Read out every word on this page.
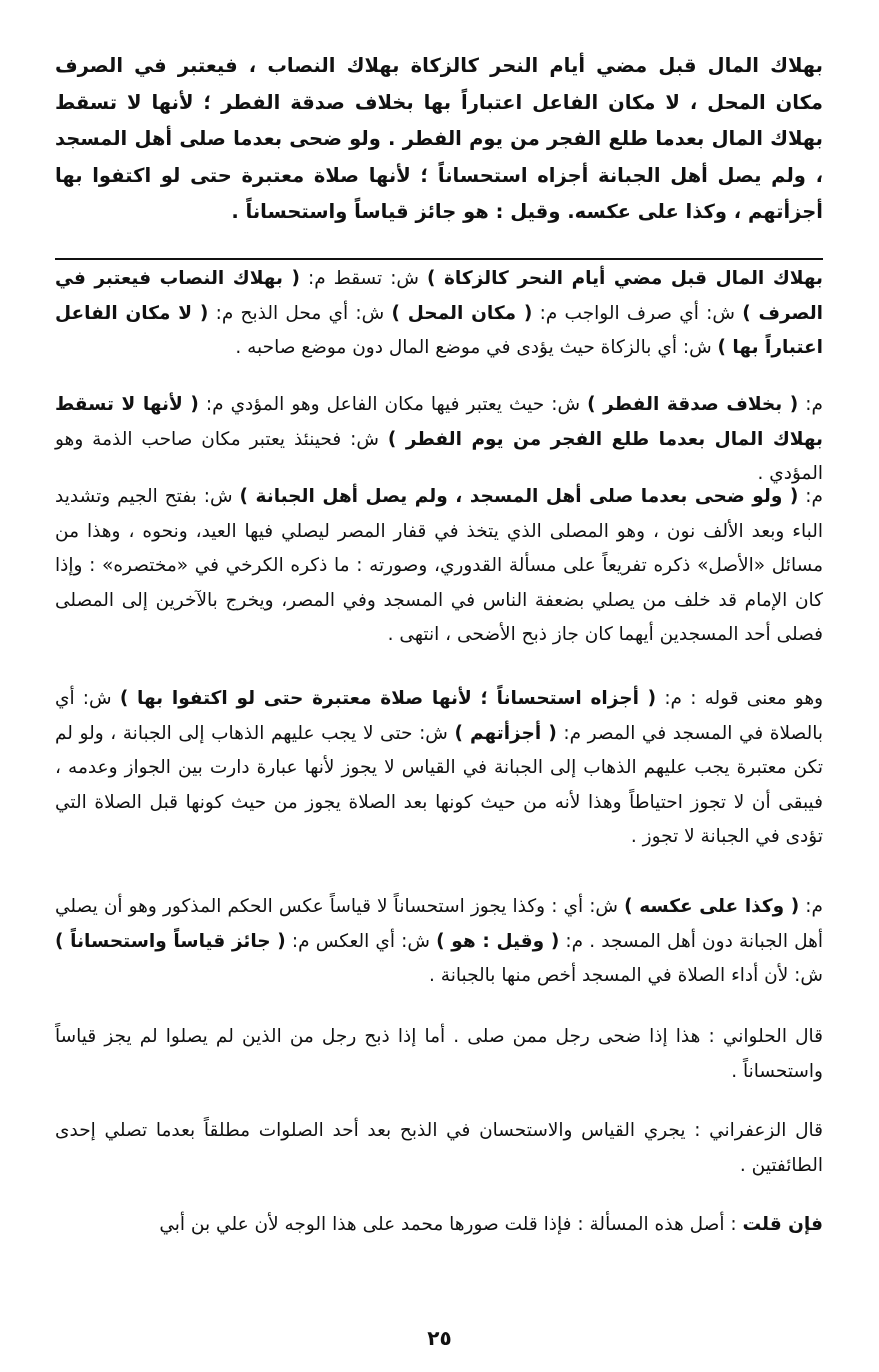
بهلاك المال قبل مضي أيام النحر كالزكاة بهلاك النصاب ، فيعتبر في الصرف مكان المحل ، لا مكان الفاعل اعتباراً بها بخلاف صدقة الفطر ؛ لأنها لا تسقط بهلاك المال بعدما طلع الفجر من يوم الفطر . ولو ضحى بعدما صلى أهل المسجد ، ولم يصل أهل الجبانة أجزاه استحساناً ؛ لأنها صلاة معتبرة حتى لو اكتفوا بها أجزأتهم ، وكذا على عكسه. وقيل : هو جائز قياساً واستحساناً .

بهلاك المال قبل مضي أيام النحر كالزكاة ) ش: تسقط م: ( بهلاك النصاب فيعتبر في الصرف ) ش: أي صرف الواجب م: ( مكان المحل ) ش: أي محل الذبح م: ( لا مكان الفاعل اعتباراً بها ) ش: أي بالزكاة حيث يؤدى في موضع المال دون موضع صاحبه .

م: ( بخلاف صدقة الفطر ) ش: حيث يعتبر فيها مكان الفاعل وهو المؤدي م: ( لأنها لا تسقط بهلاك المال بعدما طلع الفجر من يوم الفطر ) ش: فحينئذ يعتبر مكان صاحب الذمة وهو المؤدي .

م: ( ولو ضحى بعدما صلى أهل المسجد ، ولم يصل أهل الجبانة ) ش: بفتح الجيم وتشديد الباء وبعد الألف نون ، وهو المصلى الذي يتخذ في قفار المصر ليصلي فيها العيد، ونحوه ، وهذا من مسائل «الأصل» ذكره تفريعاً على مسألة القدوري، وصورته : ما ذكره الكرخي في «مختصره» : وإذا كان الإمام قد خلف من يصلي بضعفة الناس في المسجد وفي المصر، ويخرج بالآخرين إلى المصلى فصلى أحد المسجدين أيهما كان جاز ذبح الأضحى ، انتهى .

وهو معنى قوله : م: ( أجزاه استحساناً ؛ لأنها صلاة معتبرة حتى لو اكتفوا بها ) ش: أي بالصلاة في المسجد في المصر م: ( أجزأتهم ) ش: حتى لا يجب عليهم الذهاب إلى الجبانة ، ولو لم تكن معتبرة يجب عليهم الذهاب إلى الجبانة في القياس لا يجوز لأنها عبارة دارت بين الجواز وعدمه ، فيبقى أن لا تجوز احتياطاً وهذا لأنه من حيث كونها بعد الصلاة يجوز من حيث كونها قبل الصلاة التي تؤدى في الجبانة لا تجوز .

م: ( وكذا على عكسه ) ش: أي : وكذا يجوز استحساناً لا قياساً عكس الحكم المذكور وهو أن يصلي أهل الجبانة دون أهل المسجد . م: ( وقيل : هو ) ش: أي العكس م: ( جائز قياساً واستحساناً ) ش: لأن أداء الصلاة في المسجد أخص منها بالجبانة .

قال الحلواني : هذا إذا ضحى رجل ممن صلى . أما إذا ذبح رجل من الذين لم يصلوا لم يجز قياساً واستحساناً .

قال الزعفراني : يجري القياس والاستحسان في الذبح بعد أحد الصلوات مطلقاً بعدما تصلي إحدى الطائفتين .

فإن قلت : أصل هذه المسألة : فإذا قلت صورها محمد على هذا الوجه لأن علي بن أبي

٢٥
